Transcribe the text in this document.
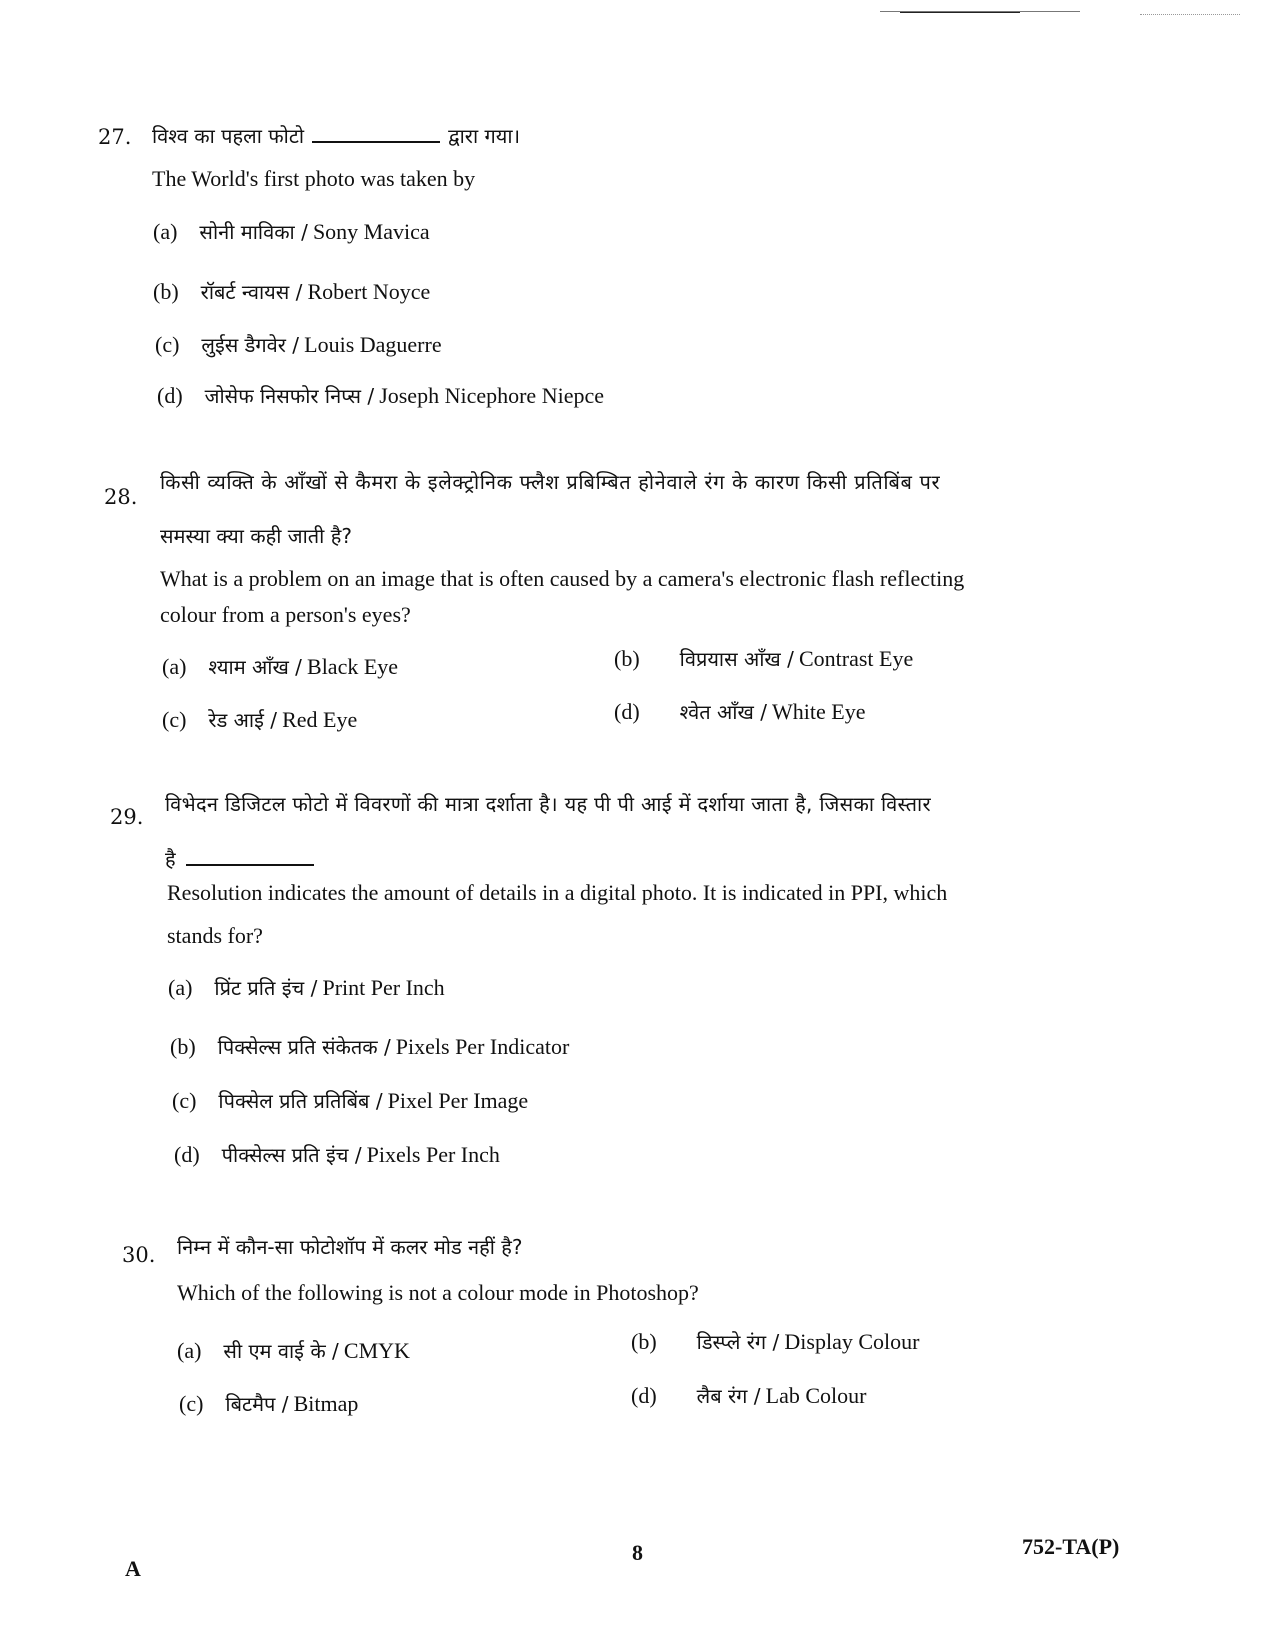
27. विश्व का पहला फोटो	द्वारा गया।
The World's first photo was taken by
(a) सोनी माविका / Sony Mavica
(b) रॉबर्ट न्वायस / Robert Noyce
(c) लुईस डैगवेर / Louis Daguerre
(d) जोसेफ निसफोर निप्स / Joseph Nicephore Niepce
28.
किसी व्यक्ति के आँखों से कैमरा के इलेक्ट्रोनिक फ्लैश प्रबिम्बित होनेवाले रंग के कारण किसी प्रतिबिंब पर
समस्या क्या कही जाती है?
What is a problem on an image that is often caused by a camera's electronic flash reflecting
colour from a person's eyes?
(a) श्याम आँख / Black Eye	(b) विप्रयास आँख / Contrast Eye
(c) रेड आई / Red Eye	(d) श्वेत आँख / White Eye
29.
विभेदन डिजिटल फोटो में विवरणों की मात्रा दर्शाता है। यह पी पी आई में दर्शाया जाता है, जिसका विस्तार
है
Resolution indicates the amount of details in a digital photo. It is indicated in PPI, which
stands for?
(a) प्रिंट प्रति इंच / Print Per Inch
(b) पिक्सेल्स प्रति संकेतक / Pixels Per Indicator
(c) पिक्सेल प्रति प्रतिबिंब / Pixel Per Image
(d) पीक्सेल्स प्रति इंच / Pixels Per Inch
30. निम्न में कौन-सा फोटोशॉप में कलर मोड नहीं है?
Which of the following is not a colour mode in Photoshop?
(a) सी एम वाई के / CMYK	(b) डिस्प्ले रंग / Display Colour
(c) बिटमैप / Bitmap	(d) लैब रंग / Lab Colour
A
8	752-TA(P)
